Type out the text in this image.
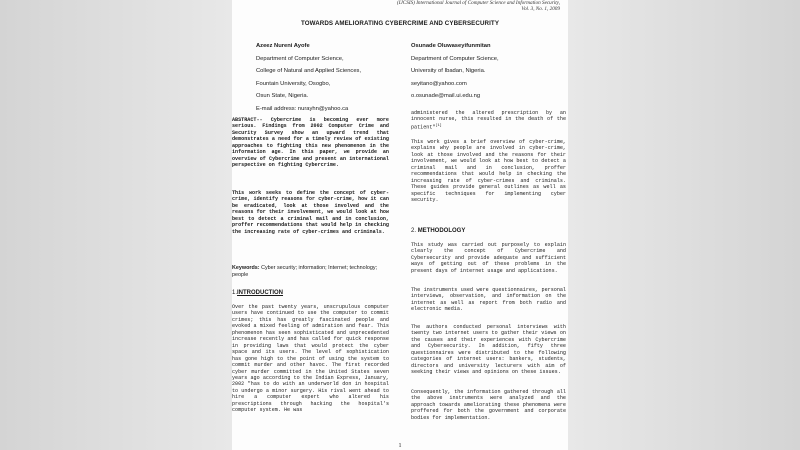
(IJCSIS) International Journal of Computer Science and Information Security,
Vol. 3, No. 1, 2009
TOWARDS AMELIORATING CYBERCRIME AND CYBERSECURITY
Azeez Nureni Ayofe
Department of Computer Science,
College of Natural and Applied Sciences,
Fountain University, Osogbo,
Osun State, Nigeria.
E-mail address: nurayhn@yahoo.ca
Osunade Oluwaseyifunmitan
Department of Computer Science,
University of Ibadan, Nigeria.
seyitano@yahoo.com
o.osunade@mail.ui.edu.ng
ABSTRACT-- Cybercrime is becoming ever more serious. Findings from 2002 Computer Crime and Security Survey show an upward trend that demonstrates a need for a timely review of existing approaches to fighting this new phenomenon in the information age. In this paper, we provide an overview of Cybercrime and present an international perspective on fighting Cybercrime.
This work seeks to define the concept of cyber-crime, identify reasons for cyber-crime, how it can be eradicated, look at those involved and the reasons for their involvement, we would look at how best to detect a criminal mail and in conclusion, proffer recommendations that would help in checking the increasing rate of cyber-crimes and criminals.
Keywords: Cyber security; information; Internet; technology; people
1.INTRODUCTION
Over the past twenty years, unscrupulous computer users have continued to use the computer to commit crimes; this has greatly fascinated people and evoked a mixed feeling of admiration and fear. This phenomenon has seen sophisticated and unprecedented increase recently and has called for quick response in providing laws that would protect the cyber space and its users. The level of sophistication has gone high to the point of using the system to commit murder and other havoc. The first recorded cyber murder committed in the United States seven years ago according to the Indian Express, January, 2002 "has to do with an underworld don in hospital to undergo a minor surgery. His rival went ahead to hire a computer expert who altered his prescriptions through hacking the hospital's computer system. He was
administered the altered prescription by an innocent nurse, this resulted in the death of the patient"[1]
This work gives a brief overview of cyber-crime, explains why people are involved in cyber-crime, look at those involved and the reasons for their involvement, we would look at how best to detect a criminal mail and in conclusion, proffer recommendations that would help in checking the increasing rate of cyber-crimes and criminals. These guides provide general outlines as well as specific techniques for implementing cyber security.
2. METHODOLOGY
This study was carried out purposely to explain clearly the concept of Cybercrime and Cybersecurity and provide adequate and sufficient ways of getting out of these problems in the present days of internet usage and applications.
The instruments used were questionnaires, personal interviews, observation, and information on the internet as well as report from both radio and electronic media.
The authors conducted personal interviews with twenty two internet users to gather their views on the causes and their experiences with Cybercrime and Cybersecurity. In addition, fifty three questionnaires were distributed to the following categories of internet users: bankers, students, directors and university lecturers with aim of seeking their views and opinions on these issues.
Consequently, the information gathered through all the above instruments were analyzed and the approach towards ameliorating these phenomena were proffered for both the government and corporate bodies for implementation.
1
